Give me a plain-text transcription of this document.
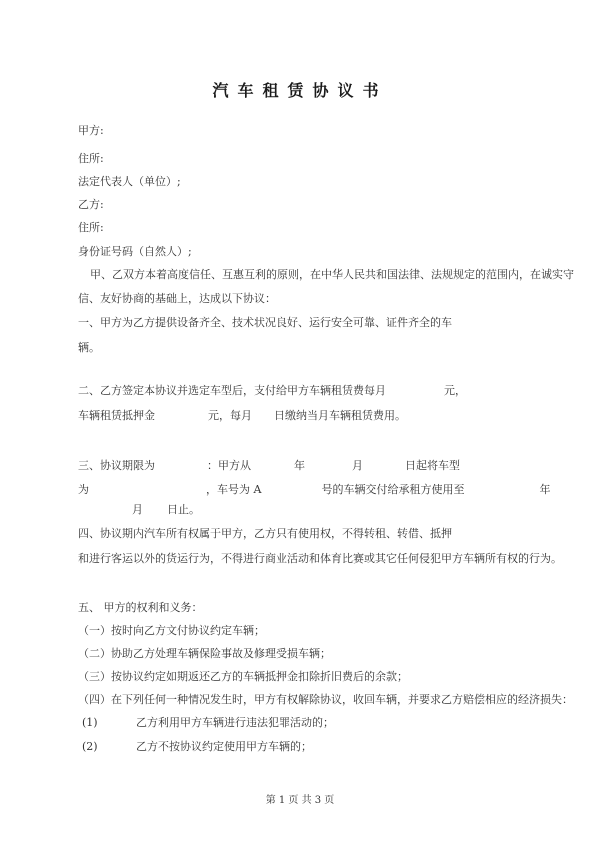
汽车租赁协议书
甲方:
住所:
法定代表人（单位）;
乙方:
住所:
身份证号码（自然人）;
甲、乙双方本着高度信任、互惠互利的原则，在中华人民共和国法律、法规规定的范围内，在诚实守
信、友好协商的基础上，达成以下协议：
一、甲方为乙方提供设备齐全、技术状况良好、运行安全可靠、证件齐全的车
辆。
二、乙方签定本协议并选定车型后，支付给甲方车辆租赁费每月	元，
车辆租赁抵押金	元，每月 日缴纳当月车辆租赁费用。
三、协议期限为	：甲方从	年	月	日起将车型
为	，车号为 A	号的车辆交付给承租方使用至	年
月 日止。
四、协议期内汽车所有权属于甲方，乙方只有使用权，不得转租、转借、抵押
和进行客运以外的货运行为，不得进行商业活动和体育比赛或其它任何侵犯甲方车辆所有权的行为。
五、 甲方的权利和义务：
（一）按时向乙方文付协议约定车辆；
（二）协助乙方处理车辆保险事故及修理受损车辆；
（三）按协议约定如期返还乙方的车辆抵押金扣除折旧费后的余款；
（四）在下列任何一种情况发生时，甲方有权解除协议，收回车辆，并要求乙方赔偿相应的经济损失：
(1)	乙方利用甲方车辆进行违法犯罪活动的；
(2)	乙方不按协议约定使用甲方车辆的；
第 1 页 共 3 页
